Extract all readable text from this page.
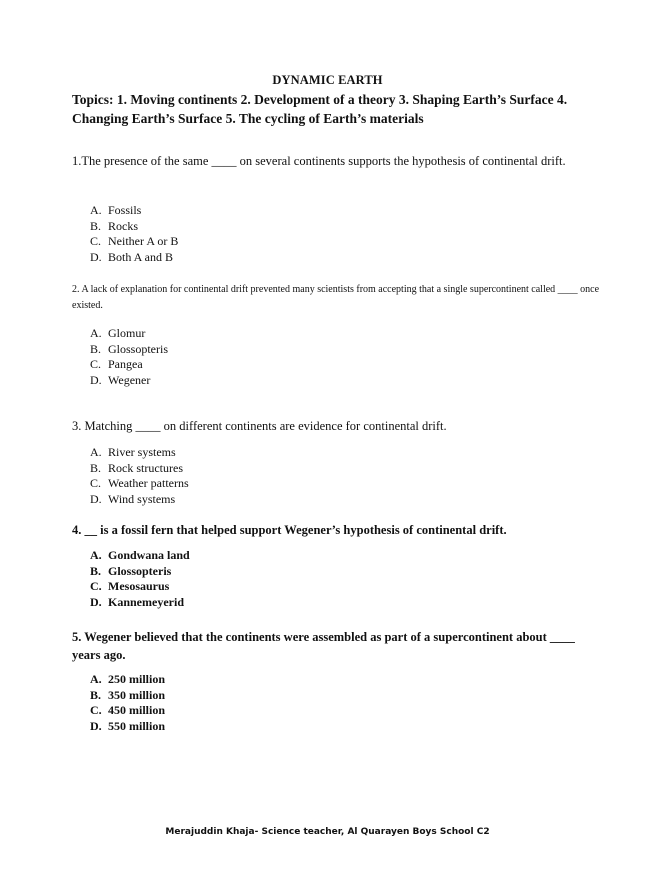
DYNAMIC EARTH
Topics: 1. Moving continents 2. Development of a theory 3. Shaping Earth’s Surface 4. Changing Earth’s Surface 5. The cycling of Earth’s materials
1.The presence of the same ____ on several continents supports the hypothesis of continental drift.
A. Fossils
B. Rocks
C. Neither A or B
D. Both A and B
2. A lack of explanation for continental drift prevented many scientists from accepting that a single supercontinent called ____ once existed.
A. Glomur
B. Glossopteris
C. Pangea
D. Wegener
3. Matching ____ on different continents are evidence for continental drift.
A. River systems
B. Rock structures
C. Weather patterns
D. Wind systems
4. __ is a fossil fern that helped support Wegener’s hypothesis of continental drift.
A. Gondwana land
B. Glossopteris
C. Mesosaurus
D. Kannemeyerid
5. Wegener believed that the continents were assembled as part of a supercontinent about ____ years ago.
A. 250 million
B. 350 million
C. 450 million
D. 550 million
Merajuddin Khaja- Science teacher, Al Quarayen Boys School C2
